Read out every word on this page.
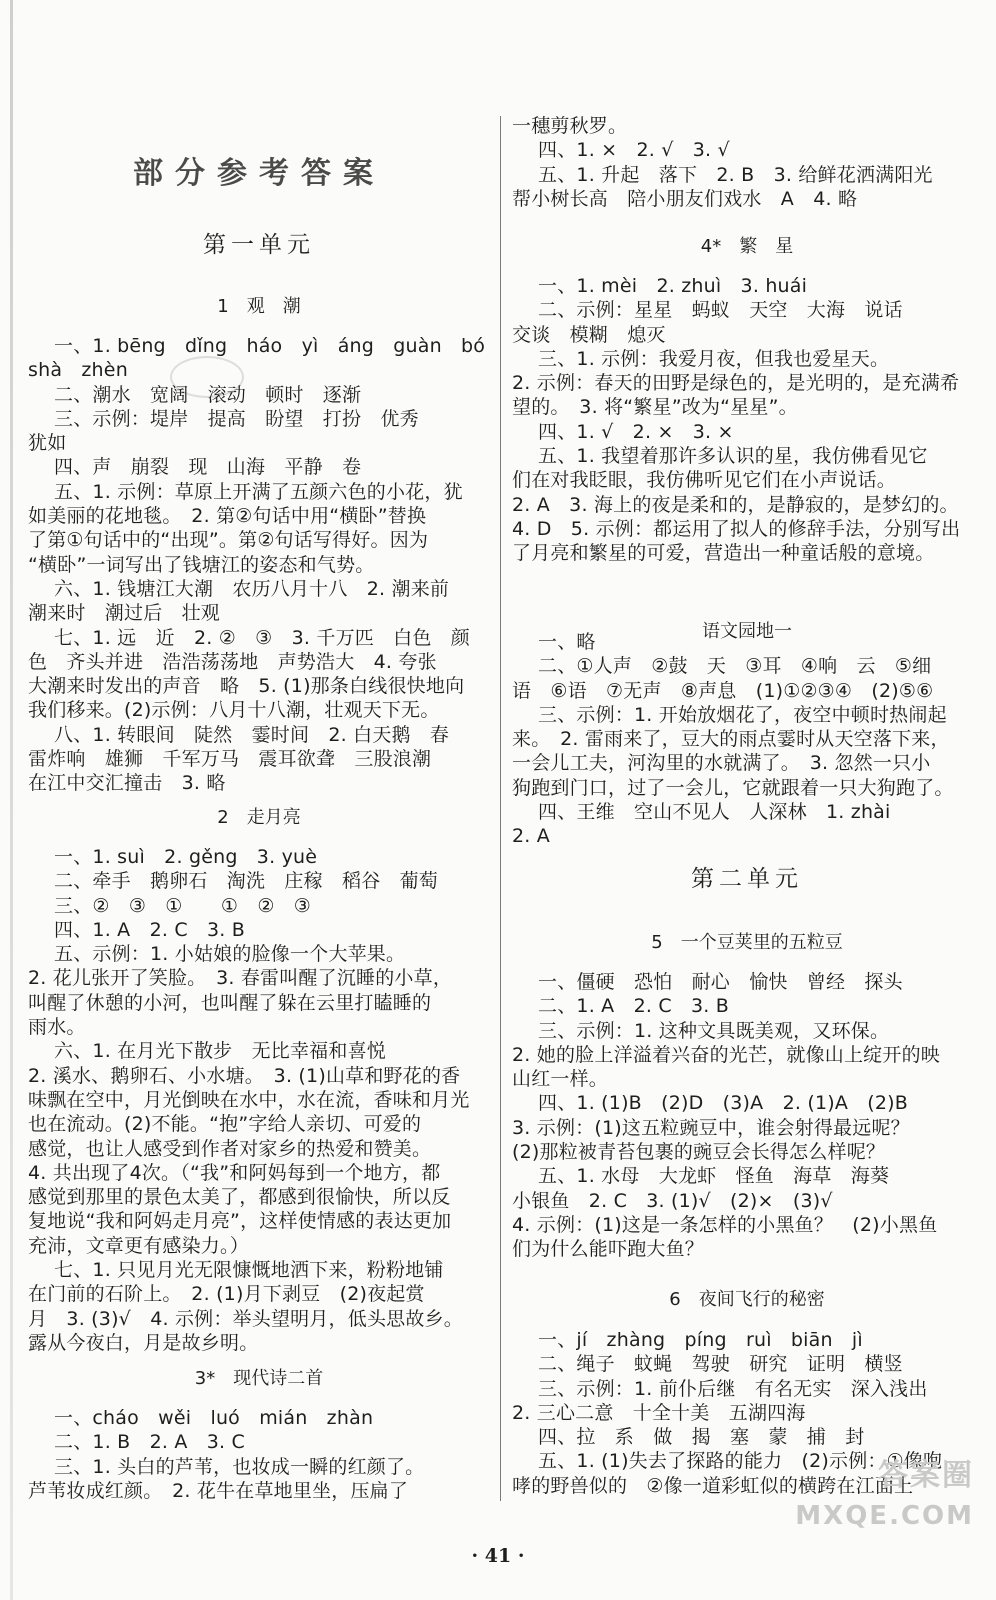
部分参考答案
第一单元
1　观　潮

一、1. bēng　dǐng　háo　yì　áng　guàn　bó

shà　zhèn

二、潮水　宽阔　滚动　顿时　逐渐

三、示例：堤岸　提高　盼望　打扮　优秀

犹如

四、声　崩裂　现　山海　平静　卷

五、1. 示例：草原上开满了五颜六色的小花，犹

如美丽的花地毯。　2. 第②句话中用“横卧”替换

了第①句话中的“出现”。第②句话写得好。因为

“横卧”一词写出了钱塘江的姿态和气势。

六、1. 钱塘江大潮　农历八月十八　2. 潮来前

潮来时　潮过后　壮观

七、1. 远　近　2. ②　③　3. 千万匹　白色　颜

色　齐头并进　浩浩荡荡地　声势浩大　4. 夸张

大潮来时发出的声音　略　5. (1)那条白线很快地向

我们移来。(2)示例：八月十八潮，壮观天下无。

八、1. 转眼间　陡然　霎时间　2. 白天鹅　春

雷炸响　雄狮　千军万马　震耳欲聋　三股浪潮

在江中交汇撞击　3. 略

2　走月亮

一、1. suì　2. gěng　3. yuè

二、牵手　鹅卵石　淘洗　庄稼　稻谷　葡萄

三、②　③　①　　①　②　③

四、1. A　2. C　3. B

五、示例：1. 小姑娘的脸像一个大苹果。

2. 花儿张开了笑脸。　3. 春雷叫醒了沉睡的小草，

叫醒了休憩的小河，也叫醒了躲在云里打瞌睡的

雨水。

六、1. 在月光下散步　无比幸福和喜悦

2. 溪水、鹅卵石、小水塘。　3. (1)山草和野花的香

味飘在空中，月光倒映在水中，水在流，香味和月光

也在流动。(2)不能。“抱”字给人亲切、可爱的

感觉，也让人感受到作者对家乡的热爱和赞美。

4. 共出现了4次。（“我”和阿妈每到一个地方，都

感觉到那里的景色太美了，都感到很愉快，所以反

复地说“我和阿妈走月亮”，这样使情感的表达更加

充沛，文章更有感染力。）

七、1. 只见月光无限慷慨地洒下来，粉粉地铺

在门前的石阶上。　2. (1)月下剥豆　(2)夜起赏

月　3. (3)√　4. 示例：举头望明月，低头思故乡。

露从今夜白，月是故乡明。

3*　现代诗二首

一、cháo　wěi　luó　mián　zhàn

二、1. B　2. A　3. C

三、1. 头白的芦苇，也妆成一瞬的红颜了。

芦苇妆成红颜。　2. 花牛在草地里坐，压扁了

一穗剪秋罗。

四、1. ×　2. √　3. √

五、1. 升起　落下　2. B　3. 给鲜花洒满阳光

帮小树长高　陪小朋友们戏水　A　4. 略

4*　繁　星

一、1. mèi　2. zhuì　3. huái

二、示例：星星　蚂蚁　天空　大海　说话

交谈　模糊　熄灭

三、1. 示例：我爱月夜，但我也爱星天。

2. 示例：春天的田野是绿色的，是光明的，是充满希

望的。　3. 将“繁星”改为“星星”。

四、1. √　2. ×　3. ×

五、1. 我望着那许多认识的星，我仿佛看见它

们在对我眨眼，我仿佛听见它们在小声说话。

2. A　3. 海上的夜是柔和的，是静寂的，是梦幻的。

4. D　5. 示例：都运用了拟人的修辞手法，分别写出

了月亮和繁星的可爱，营造出一种童话般的意境。

语文园地一

一、略

二、①人声　②鼓　天　③耳　④响　云　⑤细

语　⑥语　⑦无声　⑧声息　(1)①②③④　(2)⑤⑥

三、示例：1. 开始放烟花了，夜空中顿时热闹起

来。　2. 雷雨来了，豆大的雨点霎时从天空落下来，

一会儿工夫，河沟里的水就满了。　3. 忽然一只小

狗跑到门口，过了一会儿，它就跟着一只大狗跑了。

四、王维　空山不见人　人深林　1. zhài

2. A

第二单元
5　一个豆荚里的五粒豆

一、僵硬　恐怕　耐心　愉快　曾经　探头

二、1. A　2. C　3. B

三、示例：1. 这种文具既美观，又环保。

2. 她的脸上洋溢着兴奋的光芒，就像山上绽开的映

山红一样。

四、1. (1)B　(2)D　(3)A　2. (1)A　(2)B

3. 示例：(1)这五粒豌豆中，谁会射得最远呢？

(2)那粒被青苔包裹的豌豆会长得怎么样呢？

五、1. 水母　大龙虾　怪鱼　海草　海葵

小银鱼　2. C　3. (1)√　(2)×　(3)√

4. 示例：(1)这是一条怎样的小黑鱼？　(2)小黑鱼

们为什么能吓跑大鱼？

6　夜间飞行的秘密

一、jí　zhàng　píng　ruì　biān　jì

二、绳子　蚊蝇　驾驶　研究　证明　横竖

三、示例：1. 前仆后继　有名无实　深入浅出

2. 三心二意　十全十美　五湖四海

四、拉　系　做　揭　塞　蒙　捕　封

五、1. (1)失去了探路的能力　(2)示例：①像咆

哮的野兽似的　②像一道彩虹似的横跨在江面上

答案圈
MXQE.COM
· 41 ·
